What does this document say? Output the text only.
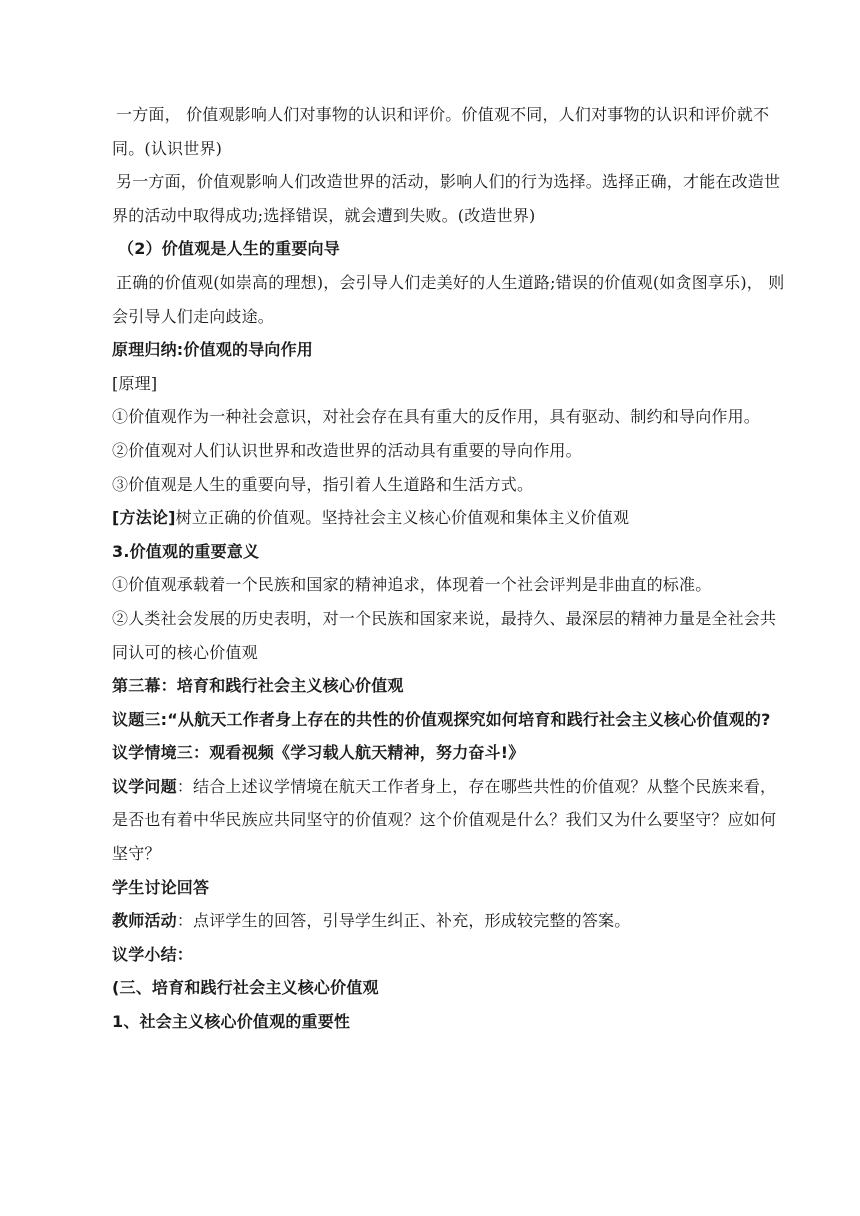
一方面， 价值观影响人们对事物的认识和评价。价值观不同，人们对事物的认识和评价就不同。(认识世界)

另一方面，价值观影响人们改造世界的活动，影响人们的行为选择。选择正确，才能在改造世界的活动中取得成功;选择错误，就会遭到失败。(改造世界)

（2）价值观是人生的重要向导

正确的价值观(如崇高的理想)，会引导人们走美好的人生道路;错误的价值观(如贪图享乐)， 则会引导人们走向歧途。

原理归纳:价值观的导向作用

[原理]

①价值观作为一种社会意识，对社会存在具有重大的反作用，具有驱动、制约和导向作用。

②价值观对人们认识世界和改造世界的活动具有重要的导向作用。

③价值观是人生的重要向导，指引着人生道路和生活方式。

[方法论]树立正确的价值观。坚持社会主义核心价值观和集体主义价值观

3.价值观的重要意义

①价值观承载着一个民族和国家的精神追求，体现着一个社会评判是非曲直的标准。

②人类社会发展的历史表明，对一个民族和国家来说，最持久、最深层的精神力量是全社会共同认可的核心价值观

第三幕：培育和践行社会主义核心价值观

议题三:“从航天工作者身上存在的共性的价值观探究如何培育和践行社会主义核心价值观的?

议学情境三：观看视频《学习载人航天精神，努力奋斗!》

议学问题：结合上述议学情境在航天工作者身上，存在哪些共性的价值观？从整个民族来看，是否也有着中华民族应共同坚守的价值观？这个价值观是什么？我们又为什么要坚守？应如何坚守？

学生讨论回答

教师活动：点评学生的回答，引导学生纠正、补充，形成较完整的答案。

议学小结：

(三、培育和践行社会主义核心价值观

1、社会主义核心价值观的重要性
